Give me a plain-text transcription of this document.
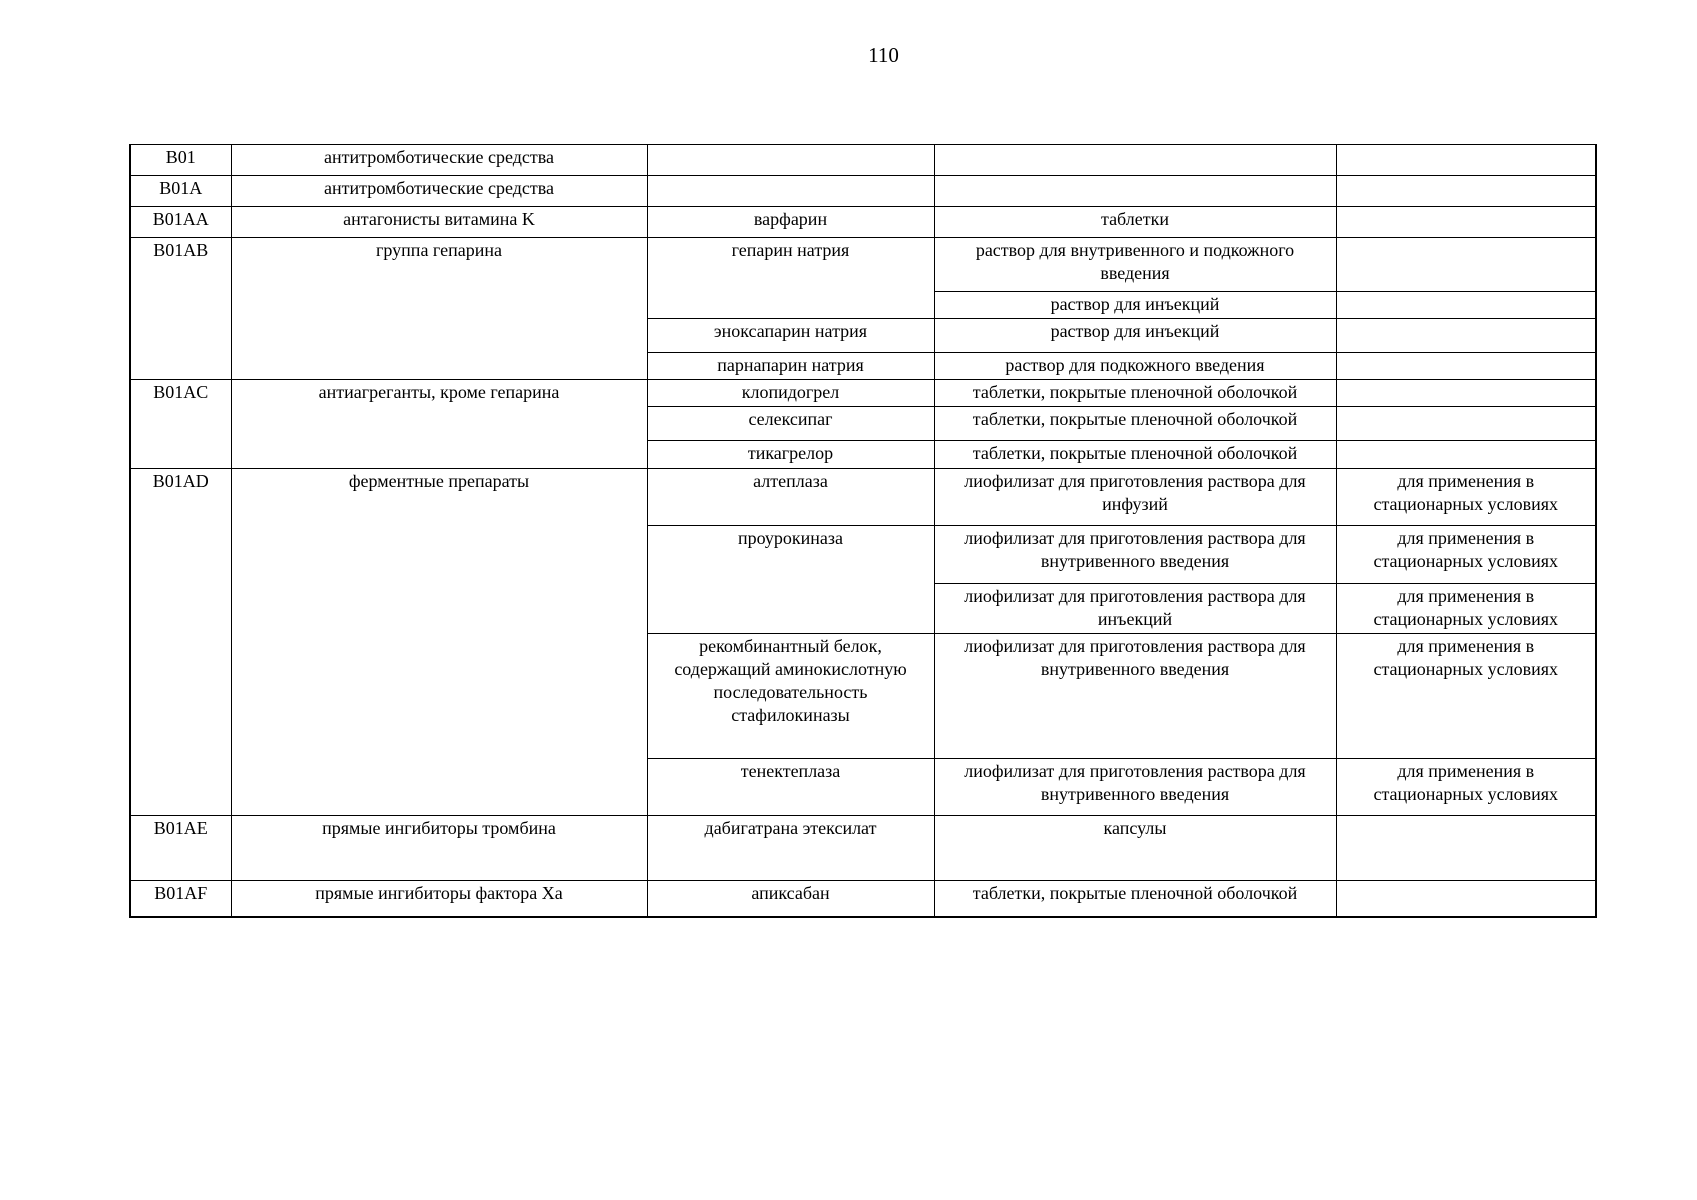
110
B01	антитромботические средства			
B01A	антитромботические средства			
B01AA	антагонисты витамина K	варфарин	таблетки	
B01AB	группа гепарина	гепарин натрия	раствор для внутривенного и подкожного введения	
			раствор для инъекций	
		эноксапарин натрия	раствор для инъекций	
		парнапарин натрия	раствор для подкожного введения	
B01AC	антиагреганты, кроме гепарина	клопидогрел	таблетки, покрытые пленочной оболочкой	
		селексипаг	таблетки, покрытые пленочной оболочкой	
		тикагрелор	таблетки, покрытые пленочной оболочкой	
B01AD	ферментные препараты	алтеплаза	лиофилизат для приготовления раствора для инфузий	для применения в стационарных условиях
		проурокиназа	лиофилизат для приготовления раствора для внутривенного введения	для применения в стационарных условиях
			лиофилизат для приготовления раствора для инъекций	для применения в стационарных условиях
		рекомбинантный белок, содержащий аминокислотную последовательность стафилокиназы	лиофилизат для приготовления раствора для внутривенного введения	для применения в стационарных условиях
		тенектеплаза	лиофилизат для приготовления раствора для внутривенного введения	для применения в стационарных условиях
B01AE	прямые ингибиторы тромбина	дабигатрана этексилат	капсулы	
B01AF	прямые ингибиторы фактора Xa	апиксабан	таблетки, покрытые пленочной оболочкой	
